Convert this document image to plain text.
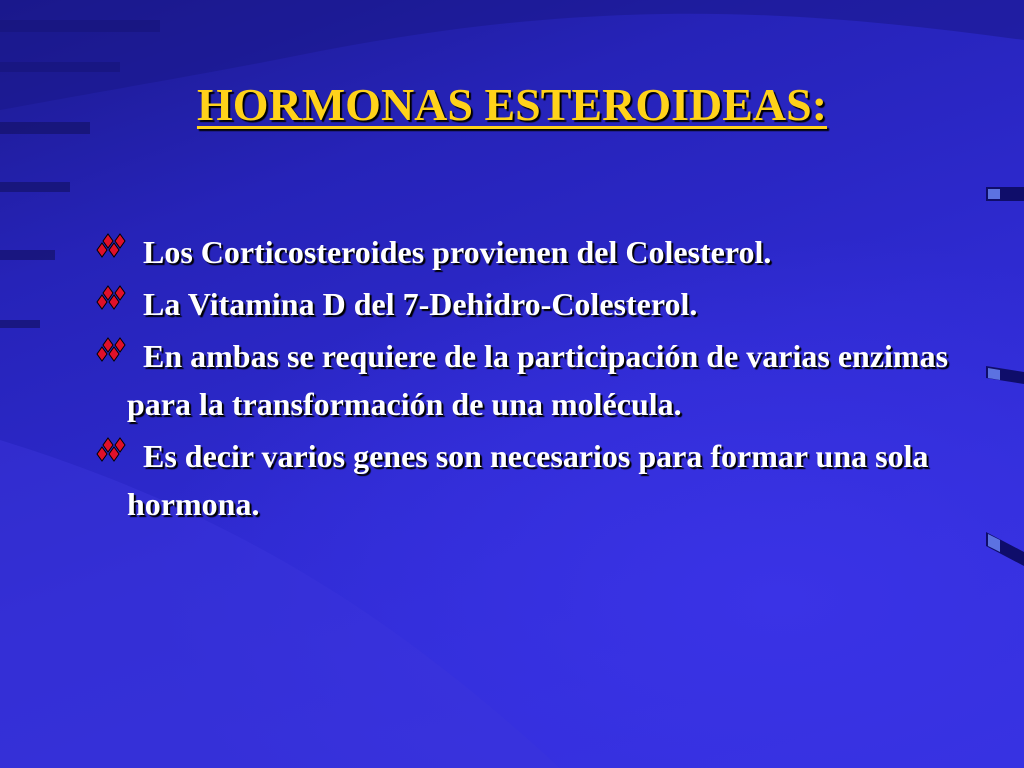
HORMONAS ESTEROIDEAS:
Los Corticosteroides provienen del Colesterol.
La Vitamina D del 7-Dehidro-Colesterol.
En ambas se requiere de la participación de varias enzimas para la transformación de una molécula.
Es decir varios genes son necesarios para formar una sola hormona.
